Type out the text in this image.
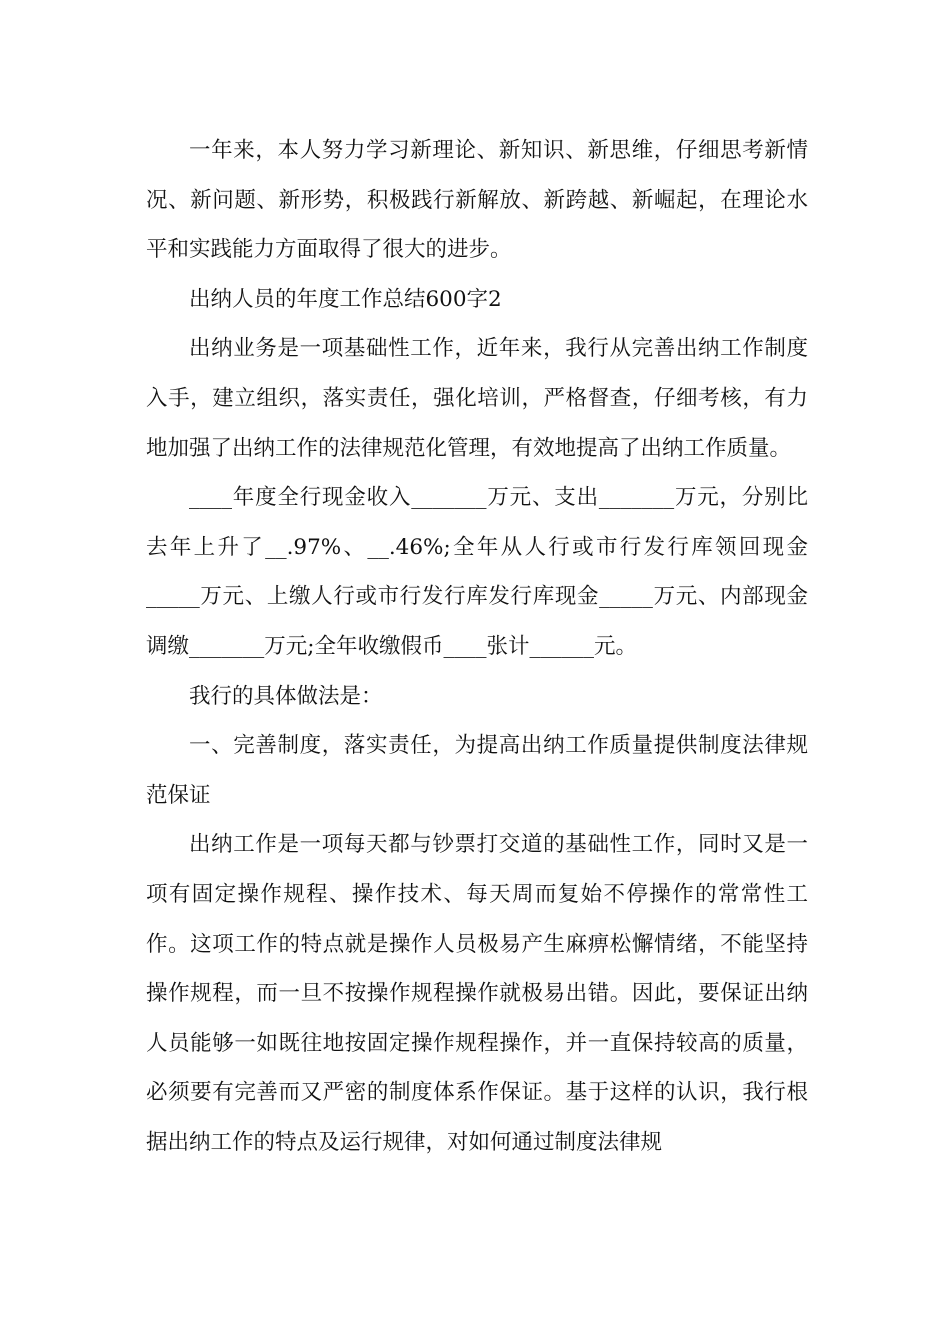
一年来，本人努力学习新理论、新知识、新思维，仔细思考新情况、新问题、新形势，积极践行新解放、新跨越、新崛起，在理论水平和实践能力方面取得了很大的进步。

出纳人员的年度工作总结600字2

出纳业务是一项基础性工作，近年来，我行从完善出纳工作制度入手，建立组织，落实责任，强化培训，严格督查，仔细考核，有力地加强了出纳工作的法律规范化管理，有效地提高了出纳工作质量。

____年度全行现金收入_______万元、支出_______万元，分别比去年上升了__.97%、__.46%;全年从人行或市行发行库领回现金_____万元、上缴人行或市行发行库发行库现金_____万元、内部现金调缴_______万元;全年收缴假币____张计______元。

我行的具体做法是：

一、完善制度，落实责任，为提高出纳工作质量提供制度法律规范保证

出纳工作是一项每天都与钞票打交道的基础性工作，同时又是一项有固定操作规程、操作技术、每天周而复始不停操作的常常性工作。这项工作的特点就是操作人员极易产生麻痹松懈情绪，不能坚持操作规程，而一旦不按操作规程操作就极易出错。因此，要保证出纳人员能够一如既往地按固定操作规程操作，并一直保持较高的质量，必须要有完善而又严密的制度体系作保证。基于这样的认识，我行根据出纳工作的特点及运行规律，对如何通过制度法律规
